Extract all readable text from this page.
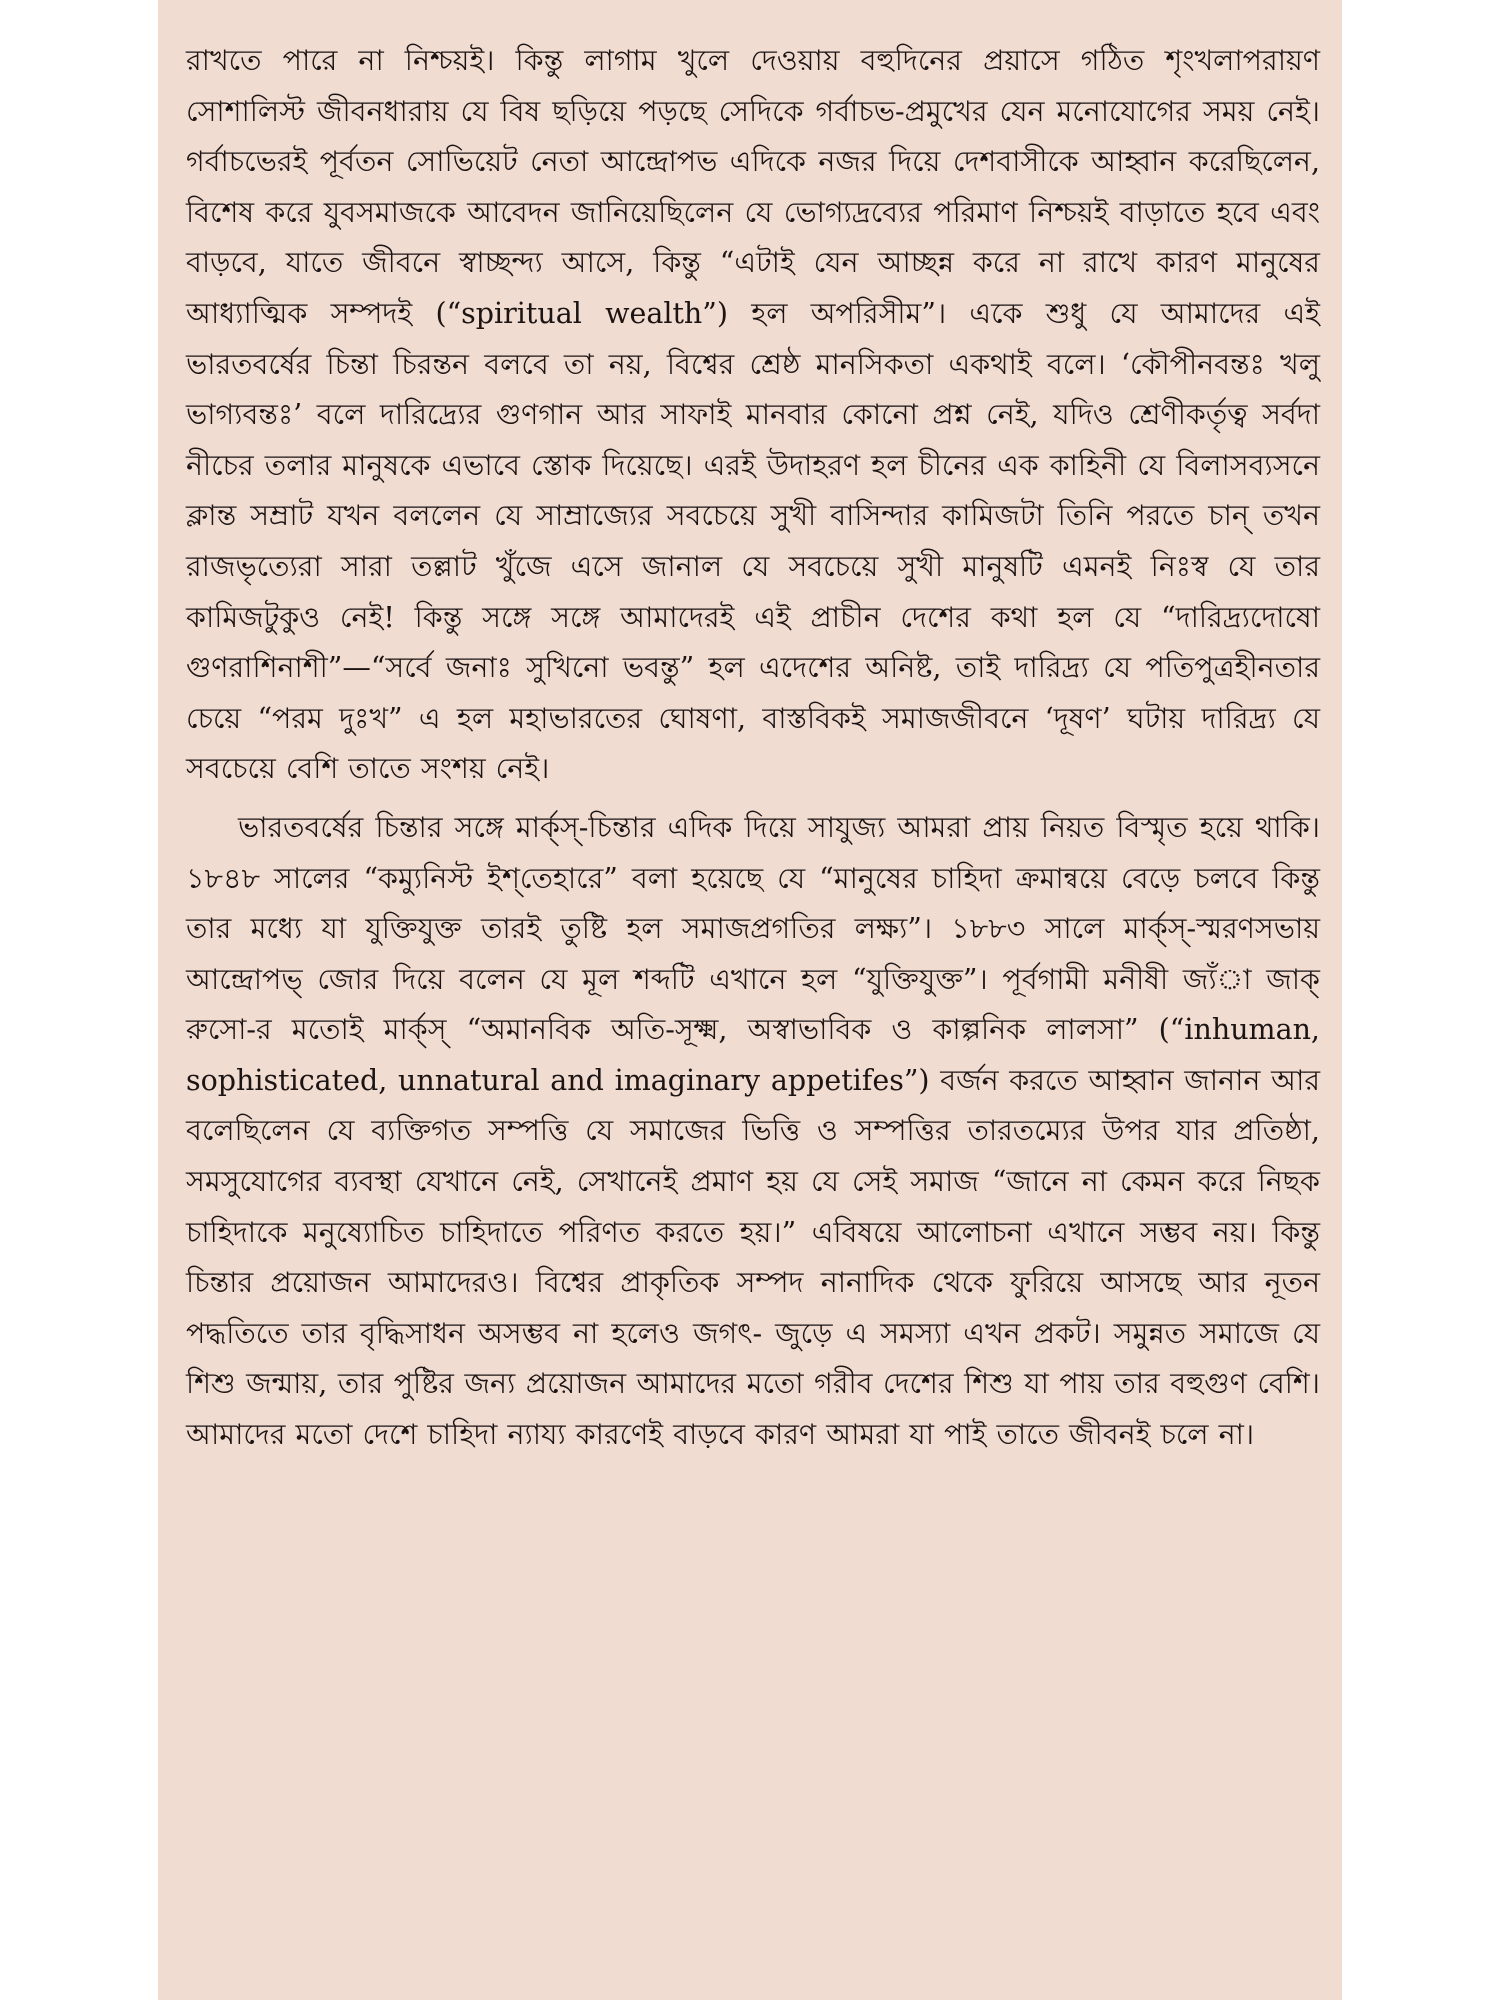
রাখতে পারে না নিশ্চয়ই। কিন্তু লাগাম খুলে দেওয়ায় বহুদিনের প্রয়াসে গঠিত শৃংখলাপরায়ণ সোশালিস্ট জীবনধারায় যে বিষ ছড়িয়ে পড়ছে সেদিকে গর্বাচভ-প্রমুখের যেন মনোযোগের সময় নেই। গর্বাচভেরই পূর্বতন সোভিয়েট নেতা আন্দ্রোপভ এদিকে নজর দিয়ে দেশবাসীকে আহ্বান করেছিলেন, বিশেষ করে যুবসমাজকে আবেদন জানিয়েছিলেন যে ভোগ্যদ্রব্যের পরিমাণ নিশ্চয়ই বাড়াতে হবে এবং বাড়বে, যাতে জীবনে স্বাচ্ছন্দ্য আসে, কিন্তু “এটাই যেন আচ্ছন্ন করে না রাখে কারণ মানুষের আধ্যাত্মিক সম্পদই (“spiritual wealth”) হল অপরিসীম”। একে শুধু যে আমাদের এই ভারতবর্ষের চিন্তা চিরন্তন বলবে তা নয়, বিশ্বের শ্রেষ্ঠ মানসিকতা একথাই বলে। ‘কৌপীনবন্তঃ খলু ভাগ্যবন্তঃ’ বলে দারিদ্র্যের গুণগান আর সাফাই মানবার কোনো প্রশ্ন নেই, যদিও শ্রেণীকর্তৃত্ব সর্বদা নীচের তলার মানুষকে এভাবে স্তোক দিয়েছে। এরই উদাহরণ হল চীনের এক কাহিনী যে বিলাসব্যসনে ক্লান্ত সম্রাট যখন বললেন যে সাম্রাজ্যের সবচেয়ে সুখী বাসিন্দার কামিজটা তিনি পরতে চান্ তখন রাজভৃত্যেরা সারা তল্লাট খুঁজে এসে জানাল যে সবচেয়ে সুখী মানুষটি এমনই নিঃস্ব যে তার কামিজটুকুও নেই! কিন্তু সঙ্গে সঙ্গে আমাদেরই এই প্রাচীন দেশের কথা হল যে “দারিদ্র্যদোষো গুণরাশিনাশী”—“সর্বে জনাঃ সুখিনো ভবন্তু” হল এদেশের অনিষ্ট, তাই দারিদ্র্য যে পতিপুত্রহীনতার চেয়ে “পরম দুঃখ” এ হল মহাভারতের ঘোষণা, বাস্তবিকই সমাজজীবনে ‘দূষণ’ ঘটায় দারিদ্র্য যে সবচেয়ে বেশি তাতে সংশয় নেই।

ভারতবর্ষের চিন্তার সঙ্গে মার্ক্‌স্-চিন্তার এদিক দিয়ে সাযুজ্য আমরা প্রায় নিয়ত বিস্মৃত হয়ে থাকি। ১৮৪৮ সালের “কম্যুনিস্ট ইশ্‌তেহারে” বলা হয়েছে যে “মানুষের চাহিদা ক্রমান্বয়ে বেড়ে চলবে কিন্তু তার মধ্যে যা যুক্তিযুক্ত তারই তুষ্টি হল সমাজপ্রগতির লক্ষ্য”। ১৮৮৩ সালে মার্ক্‌স্-স্মরণসভায় আন্দ্রোপভ্ জোর দিয়ে বলেন যে মূল শব্দটি এখানে হল “যুক্তিযুক্ত”। পূর্বগামী মনীষী জ্যঁা জাক্ রুসো-র মতোই মার্ক্‌স্ “অমানবিক অতি-সূক্ষ্ম, অস্বাভাবিক ও কাল্পনিক লালসা” (“inhuman, sophisticated, unnatural and imaginary appetifes”) বর্জন করতে আহ্বান জানান আর বলেছিলেন যে ব্যক্তিগত সম্পত্তি যে সমাজের ভিত্তি ও সম্পত্তির তারতম্যের উপর যার প্রতিষ্ঠা, সমসুযোগের ব্যবস্থা যেখানে নেই, সেখানেই প্রমাণ হয় যে সেই সমাজ “জানে না কেমন করে নিছক চাহিদাকে মনুষ্যোচিত চাহিদাতে পরিণত করতে হয়।” এবিষয়ে আলোচনা এখানে সম্ভব নয়। কিন্তু চিন্তার প্রয়োজন আমাদেরও। বিশ্বের প্রাকৃতিক সম্পদ নানাদিক থেকে ফুরিয়ে আসছে আর নূতন পদ্ধতিতে তার বৃদ্ধিসাধন অসম্ভব না হলেও জগৎ- জুড়ে এ সমস্যা এখন প্রকট। সমুন্নত সমাজে যে শিশু জন্মায়, তার পুষ্টির জন্য প্রয়োজন আমাদের মতো গরীব দেশের শিশু যা পায় তার বহুগুণ বেশি। আমাদের মতো দেশে চাহিদা ন্যায্য কারণেই বাড়বে কারণ আমরা যা পাই তাতে জীবনই চলে না।
